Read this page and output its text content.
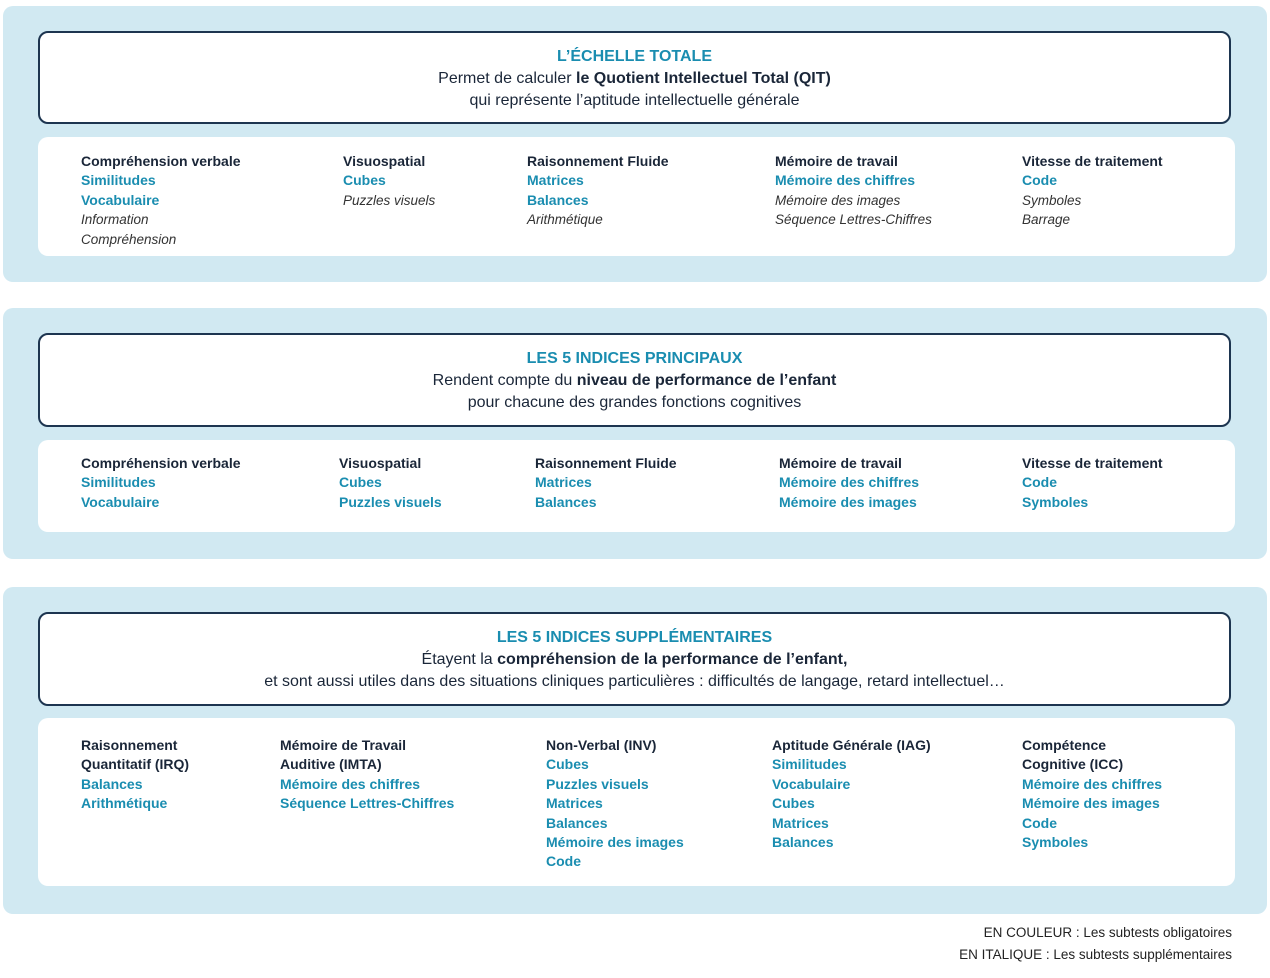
L’ÉCHELLE TOTALE
Permet de calculer le Quotient Intellectuel Total (QIT)
qui représente l’aptitude intellectuelle générale
Compréhension verbale
Similitudes
Vocabulaire
Information
Compréhension
Visuospatial
Cubes
Puzzles visuels
Raisonnement Fluide
Matrices
Balances
Arithmétique
Mémoire de travail
Mémoire des chiffres
Mémoire des images
Séquence Lettres-Chiffres
Vitesse de traitement
Code
Symboles
Barrage
LES 5 INDICES PRINCIPAUX
Rendent compte du niveau de performance de l’enfant
pour chacune des grandes fonctions cognitives
Compréhension verbale
Similitudes
Vocabulaire
Visuospatial
Cubes
Puzzles visuels
Raisonnement Fluide
Matrices
Balances
Mémoire de travail
Mémoire des chiffres
Mémoire des images
Vitesse de traitement
Code
Symboles
LES 5 INDICES SUPPLÉMENTAIRES
Étayent la compréhension de la performance de l’enfant,
et sont aussi utiles dans des situations cliniques particulières : difficultés de langage, retard intellectuel…
Raisonnement
Quantitatif (IRQ)
Balances
Arithmétique
Mémoire de Travail
Auditive (IMTA)
Mémoire des chiffres
Séquence Lettres-Chiffres
Non-Verbal (INV)
Cubes
Puzzles visuels
Matrices
Balances
Mémoire des images
Code
Aptitude Générale (IAG)
Similitudes
Vocabulaire
Cubes
Matrices
Balances
Compétence
Cognitive (ICC)
Mémoire des chiffres
Mémoire des images
Code
Symboles
EN COULEUR : Les subtests obligatoires
EN ITALIQUE : Les subtests supplémentaires
